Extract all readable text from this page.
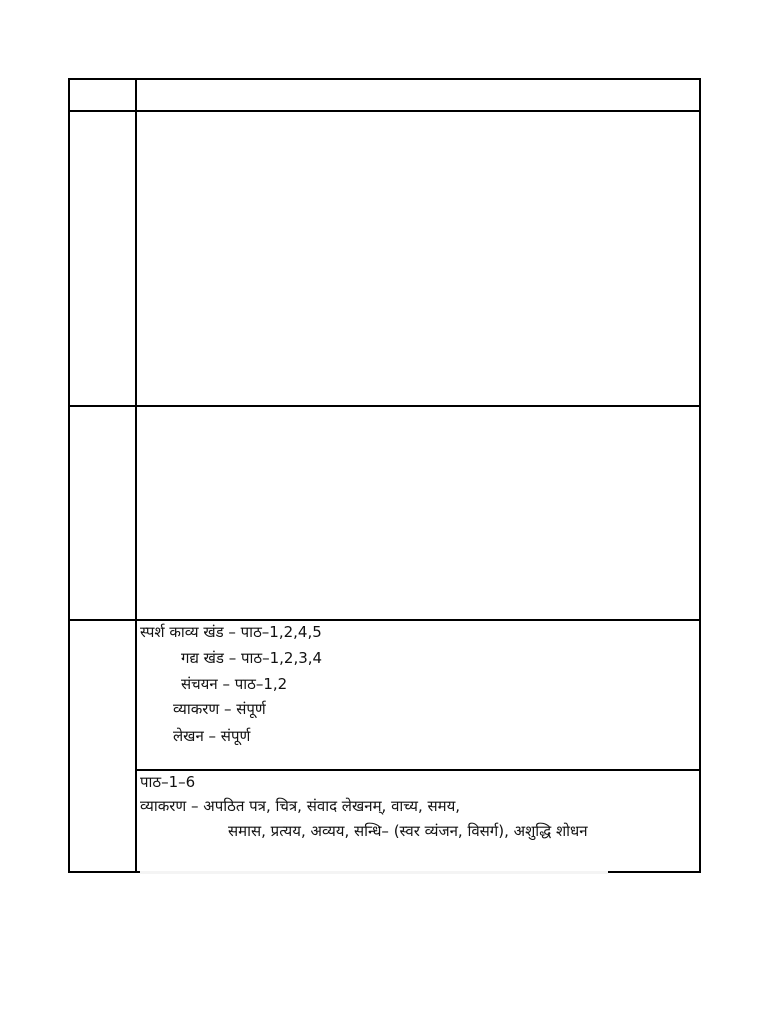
स्पर्श काव्य खंड – पाठ–1,2,4,5
गद्य खंड – पाठ–1,2,3,4
संचयन – पाठ–1,2
व्याकरण – संपूर्ण
लेखन – संपूर्ण
पाठ–1–6
व्याकरण – अपठित पत्र, चित्र, संवाद लेखनम्, वाच्य, समय,
समास, प्रत्यय, अव्यय, सन्धि– (स्वर व्यंजन, विसर्ग), अशुद्धि शोधन
